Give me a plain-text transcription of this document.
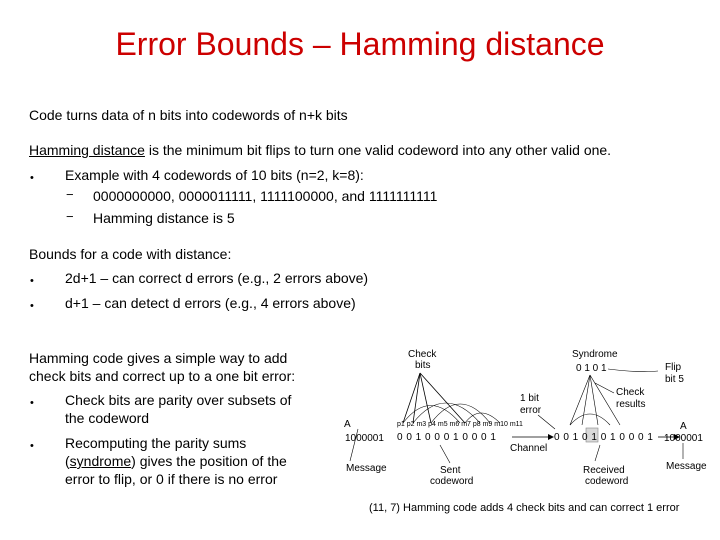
Error Bounds – Hamming distance
Code turns data of n bits into codewords of n+k bits
Hamming distance is the minimum bit flips to turn one valid codeword into any other valid one.
• Example with 4 codewords of 10 bits (n=2, k=8):
− 0000000000, 0000011111, 1111100000, and 1111111111
− Hamming distance is 5
Bounds for a code with distance:
• 2d+1 – can correct d errors (e.g., 2 errors above)
• d+1 – can detect d errors (e.g., 4 errors above)
Hamming code gives a simple way to add
check bits and correct up to a one bit error:
• Check bits are parity over subsets of
the codeword
• Recomputing the parity sums
(syndrome) gives the position of the
error to flip, or 0 if there is no error
Check
bits
A
1000001
Message
p1 p2 m3 p4 m5 m6 m7 p8 m9 m10 m11
0 0 1 0 0 0 1 0 0 0 1
Sent
codeword
Channel
1 bit
error
0 0 1 0 1 0 1 0 0 0 1
Received
codeword
Syndrome
0 1 0 1
Check
results
Flip
bit 5
A
1000001
Message
(11, 7) Hamming code adds 4 check bits and can correct 1 error
